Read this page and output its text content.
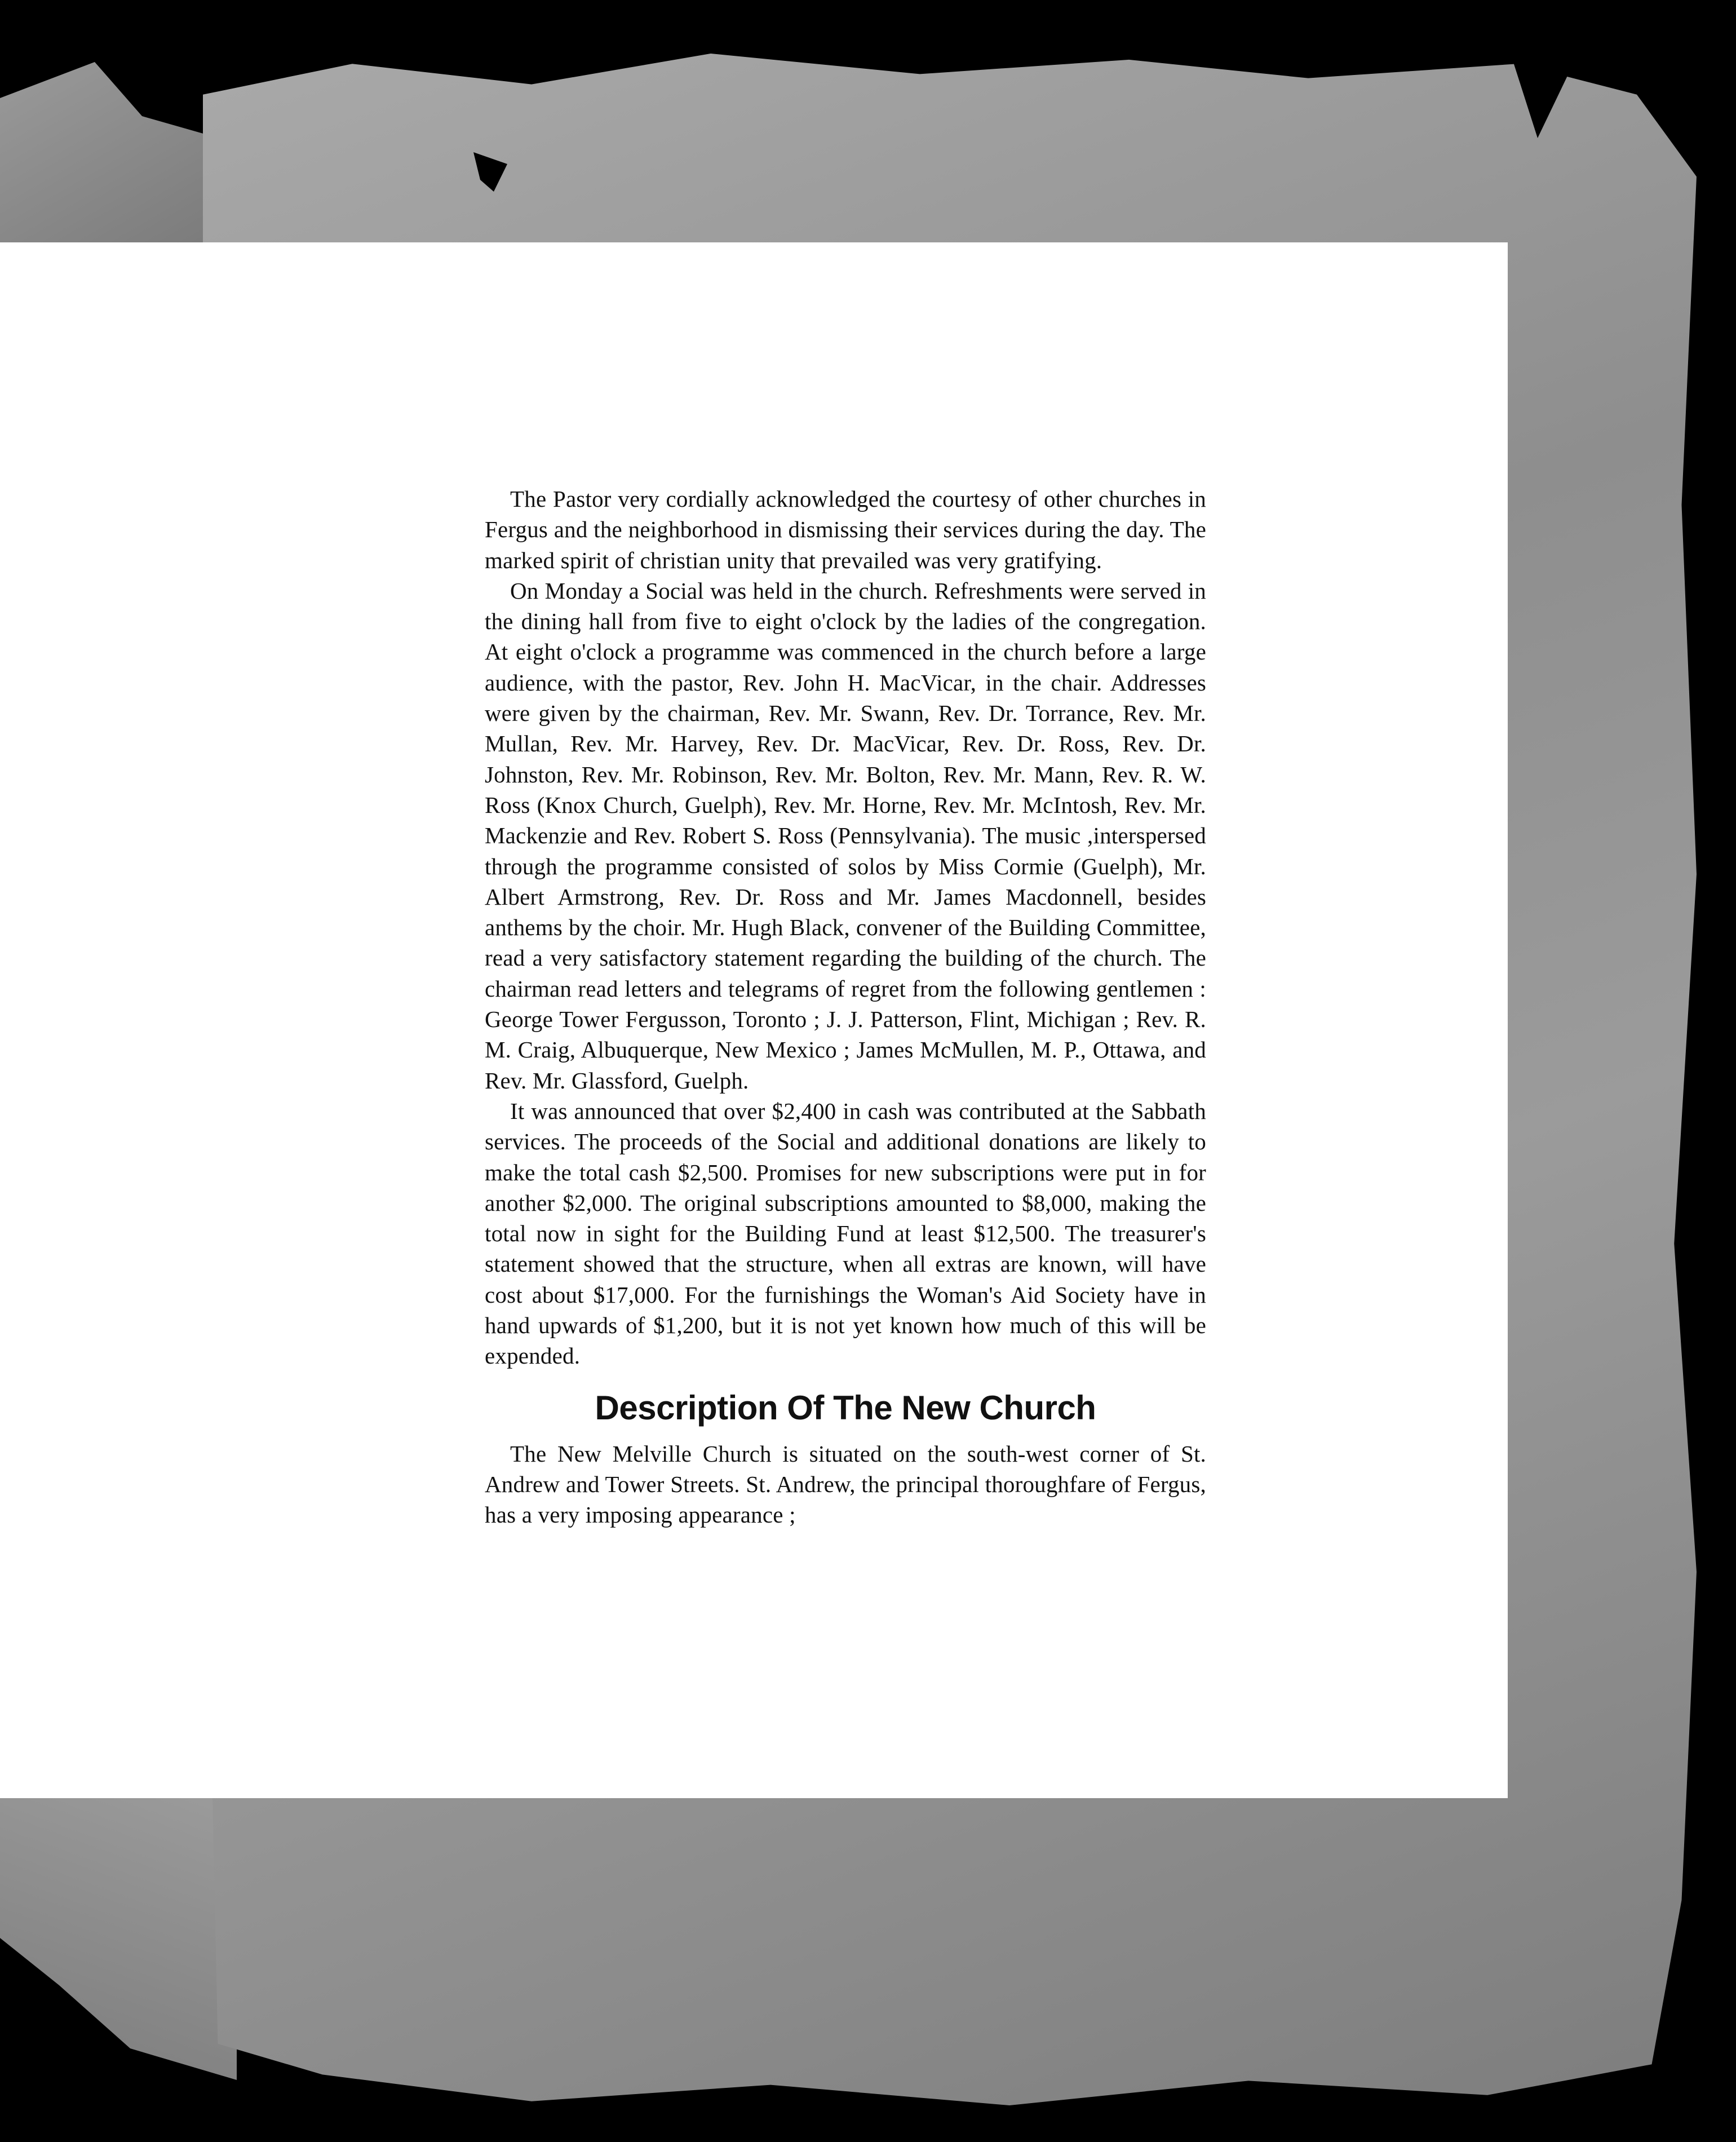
The Pastor very cordially acknowledged the courtesy of other churches in Fergus and the neighborhood in dismissing their services during the day. The marked spirit of christian unity that prevailed was very gratifying.

On Monday a Social was held in the church. Refreshments were served in the dining hall from five to eight o'clock by the ladies of the congregation. At eight o'clock a programme was commenced in the church before a large audience, with the pastor, Rev. John H. MacVicar, in the chair. Addresses were given by the chairman, Rev. Mr. Swann, Rev. Dr. Torrance, Rev. Mr. Mullan, Rev. Mr. Harvey, Rev. Dr. MacVicar, Rev. Dr. Ross, Rev. Dr. Johnston, Rev. Mr. Robinson, Rev. Mr. Bolton, Rev. Mr. Mann, Rev. R. W. Ross (Knox Church, Guelph), Rev. Mr. Horne, Rev. Mr. McIntosh, Rev. Mr. Mackenzie and Rev. Robert S. Ross (Pennsylvania). The music ,interspersed through the programme consisted of solos by Miss Cormie (Guelph), Mr. Albert Armstrong, Rev. Dr. Ross and Mr. James Macdonnell, besides anthems by the choir. Mr. Hugh Black, convener of the Building Committee, read a very satisfactory statement regarding the building of the church. The chairman read letters and telegrams of regret from the following gentlemen : George Tower Fergusson, Toronto ; J. J. Patterson, Flint, Michigan ; Rev. R. M. Craig, Albuquerque, New Mexico ; James McMullen, M. P., Ottawa, and Rev. Mr. Glassford, Guelph.

It was announced that over $2,400 in cash was contributed at the Sabbath services. The proceeds of the Social and additional donations are likely to make the total cash $2,500. Promises for new subscriptions were put in for another $2,000. The original subscriptions amounted to $8,000, making the total now in sight for the Building Fund at least $12,500. The treasurer's statement showed that the structure, when all extras are known, will have cost about $17,000. For the furnishings the Woman's Aid Society have in hand upwards of $1,200, but it is not yet known how much of this will be expended.

Description Of The New Church

The New Melville Church is situated on the south-west corner of St. Andrew and Tower Streets. St. Andrew, the principal thoroughfare of Fergus, has a very imposing appearance ;
